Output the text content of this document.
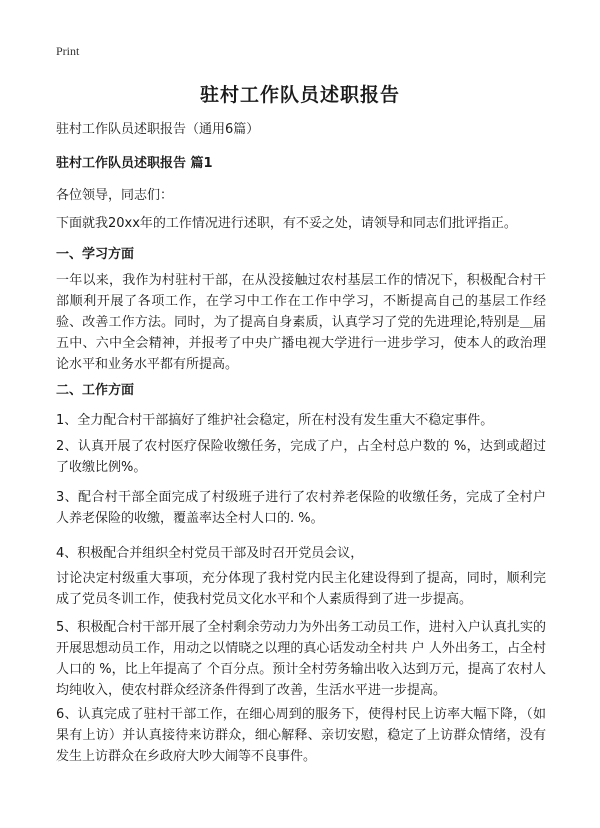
Print
驻村工作队员述职报告
驻村工作队员述职报告（通用6篇）
驻村工作队员述职报告 篇1
各位领导，同志们：
下面就我20xx年的工作情况进行述职，有不妥之处，请领导和同志们批评指正。
一、学习方面
一年以来，我作为村驻村干部，在从没接触过农村基层工作的情况下，积极配合村干部顺利开展了各项工作，在学习中工作在工作中学习，不断提高自己的基层工作经验、改善工作方法。同时，为了提高自身素质，认真学习了党的先进理论,特别是＿届五中、六中全会精神，并报考了中央广播电视大学进行一进步学习，使本人的政治理论水平和业务水平都有所提高。
二、工作方面
1、全力配合村干部搞好了维护社会稳定，所在村没有发生重大不稳定事件。
2、认真开展了农村医疗保险收缴任务，完成了户，占全村总户数的 %，达到或超过了收缴比例%。
3、配合村干部全面完成了村级班子进行了农村养老保险的收缴任务，完成了全村户 人养老保险的收缴，覆盖率达全村人口的. %。
4、积极配合并组织全村党员干部及时召开党员会议，
讨论决定村级重大事项，充分体现了我村党内民主化建设得到了提高，同时，顺利完成了党员冬训工作，使我村党员文化水平和个人素质得到了进一步提高。
5、积极配合村干部开展了全村剩余劳动力为外出务工动员工作，进村入户认真扎实的开展思想动员工作，用动之以情晓之以理的真心话发动全村共 户 人外出务工，占全村人口的 %，比上年提高了 个百分点。预计全村劳务输出收入达到万元，提高了农村人均纯收入，使农村群众经济条件得到了改善，生活水平进一步提高。
6、认真完成了驻村干部工作，在细心周到的服务下，使得村民上访率大幅下降，（如果有上访）并认真接待来访群众，细心解释、亲切安慰，稳定了上访群众情绪，没有发生上访群众在乡政府大吵大闹等不良事件。
